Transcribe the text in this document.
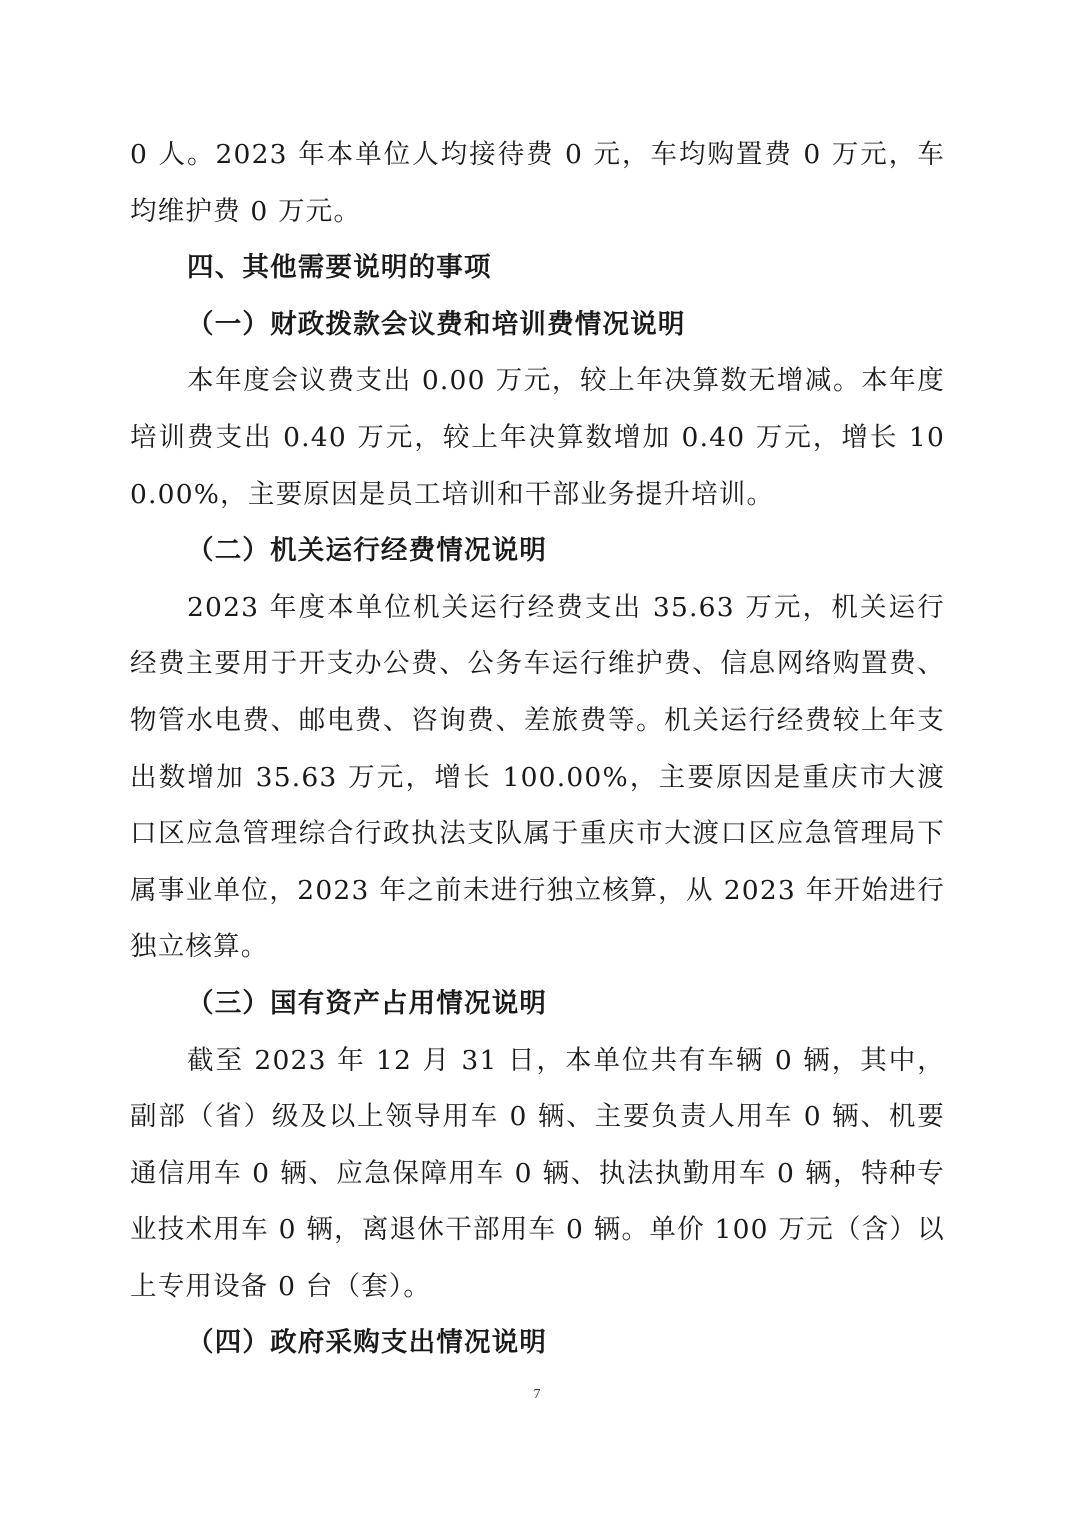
0 人。2023 年本单位人均接待费 0 元，车均购置费 0 万元，车均维护费 0 万元。

四、其他需要说明的事项

（一）财政拨款会议费和培训费情况说明

本年度会议费支出 0.00 万元，较上年决算数无增减。本年度培训费支出 0.40 万元，较上年决算数增加 0.40 万元，增长 100.00%，主要原因是员工培训和干部业务提升培训。

（二）机关运行经费情况说明

2023 年度本单位机关运行经费支出 35.63 万元，机关运行经费主要用于开支办公费、公务车运行维护费、信息网络购置费、物管水电费、邮电费、咨询费、差旅费等。机关运行经费较上年支出数增加 35.63 万元，增长 100.00%，主要原因是重庆市大渡口区应急管理综合行政执法支队属于重庆市大渡口区应急管理局下属事业单位，2023 年之前未进行独立核算，从 2023 年开始进行独立核算。

（三）国有资产占用情况说明

截至 2023 年 12 月 31 日，本单位共有车辆 0 辆，其中，副部（省）级及以上领导用车 0 辆、主要负责人用车 0 辆、机要通信用车 0 辆、应急保障用车 0 辆、执法执勤用车 0 辆，特种专业技术用车 0 辆，离退休干部用车 0 辆。单价 100 万元（含）以上专用设备 0 台（套）。

（四）政府采购支出情况说明

7
